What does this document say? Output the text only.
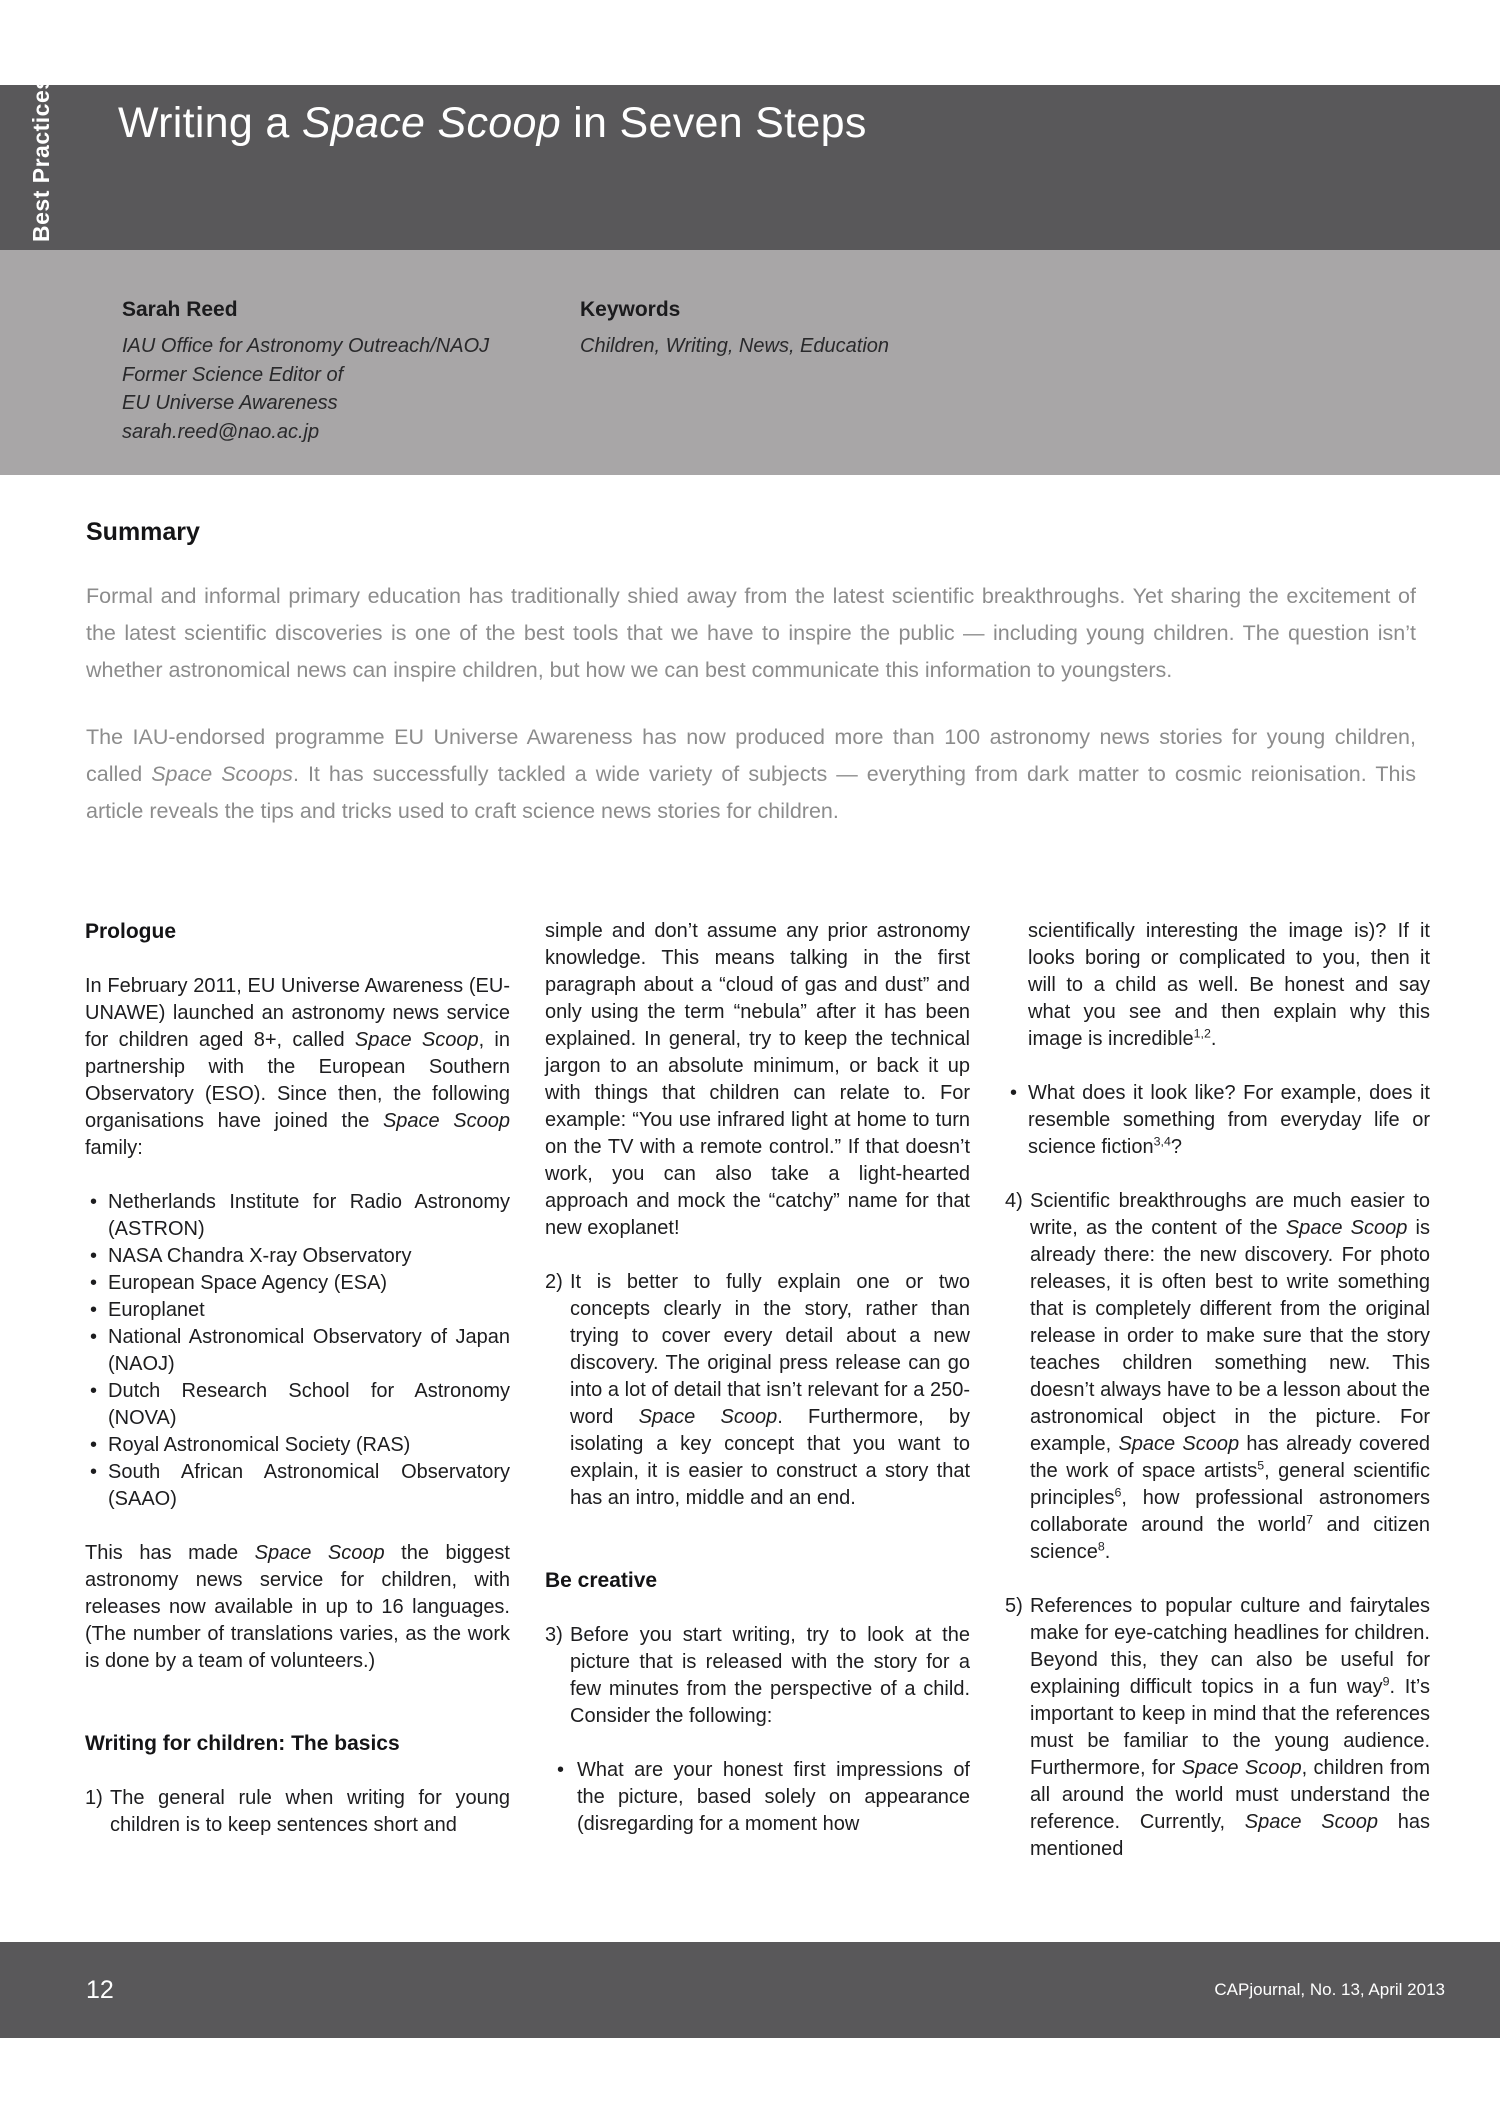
Best Practices Writing a Space Scoop in Seven Steps
Sarah Reed
IAU Office for Astronomy Outreach/NAOJ
Former Science Editor of
EU Universe Awareness
sarah.reed@nao.ac.jp
Keywords
Children, Writing, News, Education
Summary

Formal and informal primary education has traditionally shied away from the latest scientific breakthroughs. Yet sharing the excitement of the latest scientific discoveries is one of the best tools that we have to inspire the public — including young children. The question isn’t whether astronomical news can inspire children, but how we can best communicate this information to youngsters.

The IAU-endorsed programme EU Universe Awareness has now produced more than 100 astronomy news stories for young children, called Space Scoops. It has successfully tackled a wide variety of subjects — everything from dark matter to cosmic reionisation. This article reveals the tips and tricks used to craft science news stories for children.

Prologue

In February 2011, EU Universe Awareness (EU-UNAWE) launched an astronomy news service for children aged 8+, called Space Scoop, in partnership with the European Southern Observatory (ESO). Since then, the following organisations have joined the Space Scoop family:

• Netherlands Institute for Radio Astronomy (ASTRON)
• NASA Chandra X-ray Observatory
• European Space Agency (ESA)
• Europlanet
• National Astronomical Observatory of Japan (NAOJ)
• Dutch Research School for Astronomy (NOVA)
• Royal Astronomical Society (RAS)
• South African Astronomical Observatory (SAAO)

This has made Space Scoop the biggest astronomy news service for children, with releases now available in up to 16 languages. (The number of translations varies, as the work is done by a team of volunteers.)

Writing for children: The basics
1) The general rule when writing for young children is to keep sentences short and

simple and don’t assume any prior astronomy knowledge. This means talking in the first paragraph about a “cloud of gas and dust” and only using the term “nebula” after it has been explained. In general, try to keep the technical jargon to an absolute minimum, or back it up with things that children can relate to. For example: “You use infrared light at home to turn on the TV with a remote control.” If that doesn’t work, you can also take a light-hearted approach and mock the “catchy” name for that new exoplanet!

2) It is better to fully explain one or two concepts clearly in the story, rather than trying to cover every detail about a new discovery. The original press release can go into a lot of detail that isn’t relevant for a 250-word Space Scoop. Furthermore, by isolating a key concept that you want to explain, it is easier to construct a story that has an intro, middle and an end.
Be creative
3) Before you start writing, try to look at the picture that is released with the story for a few minutes from the perspective of a child. Consider the following:
• What are your honest first impressions of the picture, based solely on appearance (disregarding for a moment how

scientifically interesting the image is)? If it looks boring or complicated to you, then it will to a child as well. Be honest and say what you see and then explain why this image is incredible$^{1,2}$.

• What does it look like? For example, does it resemble something from everyday life or science fiction$^{3,4}$?
4) Scientific breakthroughs are much easier to write, as the content of the Space Scoop is already there: the new discovery. For photo releases, it is often best to write something that is completely different from the original release in order to make sure that the story teaches children something new. This doesn’t always have to be a lesson about the astronomical object in the picture. For example, Space Scoop has already covered the work of space artists$^5$, general scientific principles$^6$, how professional astronomers collaborate around the world$^7$ and citizen science$^8$.
5) References to popular culture and fairytales make for eye-catching headlines for children. Beyond this, they can also be useful for explaining difficult topics in a fun way$^9$. It’s important to keep in mind that the references must be familiar to the young audience. Furthermore, for Space Scoop, children from all around the world must understand the reference. Currently, Space Scoop has mentioned
12	CAPjournal, No. 13, April 2013
